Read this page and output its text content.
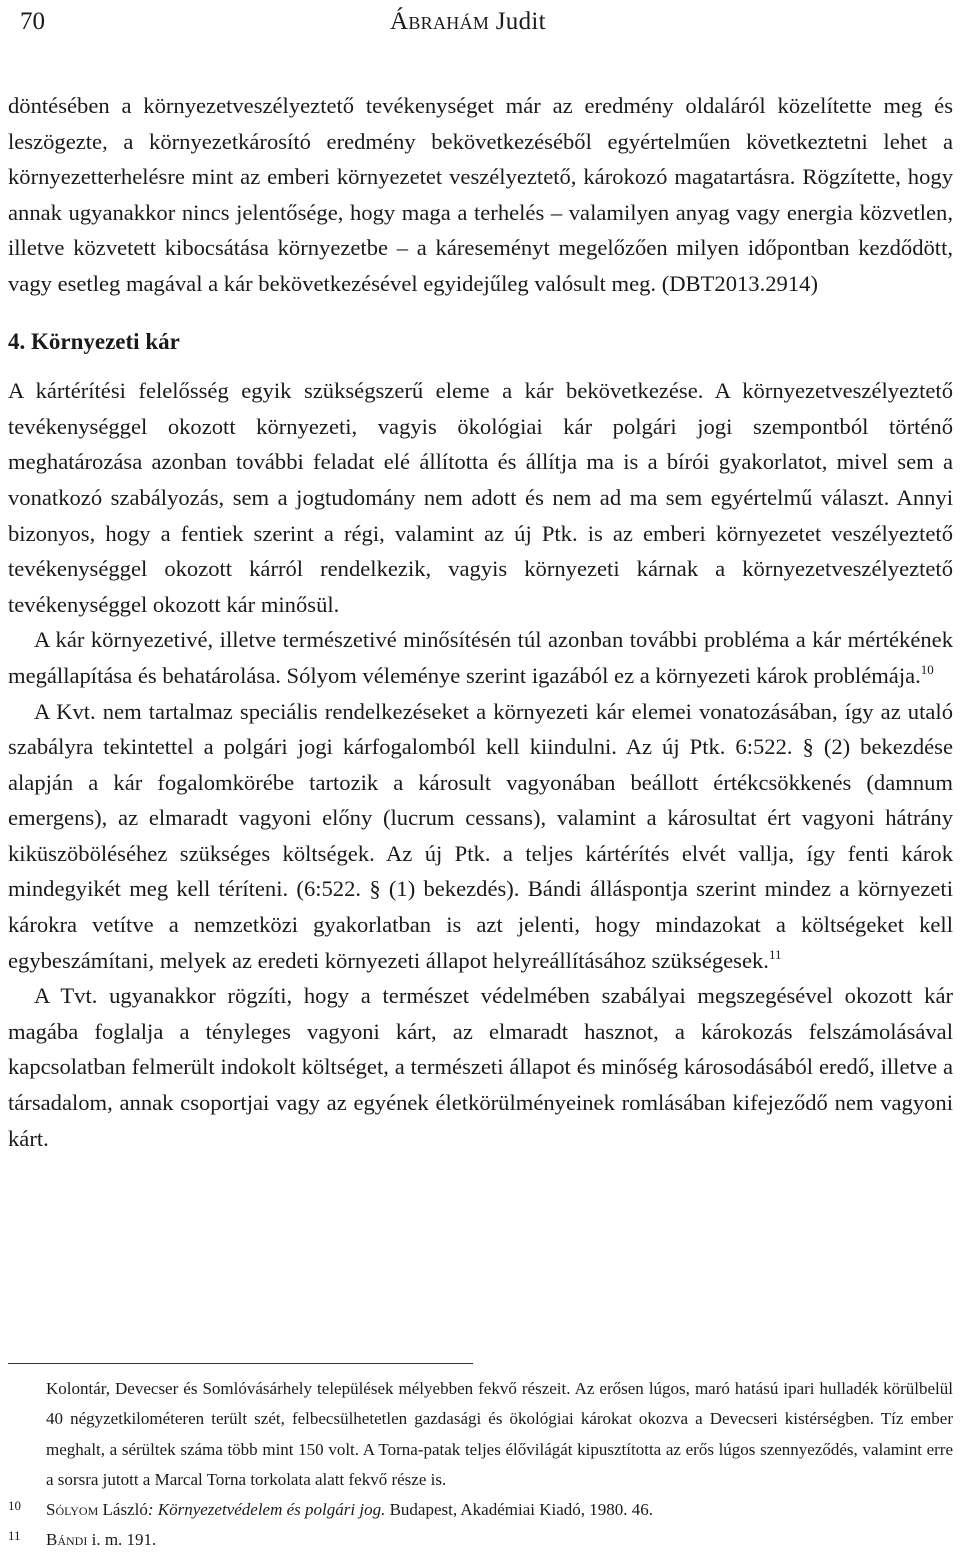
70	Ábrahám Judit

döntésében a környezetveszélyeztető tevékenységet már az eredmény oldaláról közelítette meg és leszögezte, a környezetkárosító eredmény bekövetkezéséből egyértelműen következtetni lehet a környezetterhelésre mint az emberi környezetet veszélyeztető, károkozó magatartásra. Rögzítette, hogy annak ugyanakkor nincs jelentősége, hogy maga a terhelés – valamilyen anyag vagy energia közvetlen, illetve közvetett kibocsátása környezetbe – a káreseményt megelőzően milyen időpontban kezdődött, vagy esetleg magával a kár bekövetkezésével egyidejűleg valósult meg. (DBT2013.2914)

4. Környezeti kár

A kártérítési felelősség egyik szükségszerű eleme a kár bekövetkezése. A környezetveszélyeztető tevékenységgel okozott környezeti, vagyis ökológiai kár polgári jogi szempontból történő meghatározása azonban további feladat elé állította és állítja ma is a bírói gyakorlatot, mivel sem a vonatkozó szabályozás, sem a jogtudomány nem adott és nem ad ma sem egyértelmű választ. Annyi bizonyos, hogy a fentiek szerint a régi, valamint az új Ptk. is az emberi környezetet veszélyeztető tevékenységgel okozott kárról rendelkezik, vagyis környezeti kárnak a környezetveszélyeztető tevékenységgel okozott kár minősül.

A kár környezetivé, illetve természetivé minősítésén túl azonban további probléma a kár mértékének megállapítása és behatárolása. Sólyom véleménye szerint igazából ez a környezeti károk problémája.$^{10}$

A Kvt. nem tartalmaz speciális rendelkezéseket a környezeti kár elemei vonatozásában, így az utaló szabályra tekintettel a polgári jogi kárfogalomból kell kiindulni. Az új Ptk. 6:522. § (2) bekezdése alapján a kár fogalomkörébe tartozik a károsult vagyonában beállott értékcsökkenés (damnum emergens), az elmaradt vagyoni előny (lucrum cessans), valamint a károsultat ért vagyoni hátrány kiküszöböléséhez szükséges költségek. Az új Ptk. a teljes kártérítés elvét vallja, így fenti károk mindegyikét meg kell téríteni. (6:522. § (1) bekezdés). Bándi álláspontja szerint mindez a környezeti károkra vetítve a nemzetközi gyakorlatban is azt jelenti, hogy mindazokat a költségeket kell egybeszámítani, melyek az eredeti környezeti állapot helyreállításához szükségesek.$^{11}$

A Tvt. ugyanakkor rögzíti, hogy a természet védelmében szabályai megszegésével okozott kár magába foglalja a tényleges vagyoni kárt, az elmaradt hasznot, a károkozás felszámolásával kapcsolatban felmerült indokolt költséget, a természeti állapot és minőség károsodásából eredő, illetve a társadalom, annak csoportjai vagy az egyének életkörülményeinek romlásában kifejeződő nem vagyoni kárt.

Kolontár, Devecser és Somlóvásárhely települések mélyebben fekvő részeit. Az erősen lúgos, maró hatású ipari hulladék körülbelül 40 négyzetkilométeren terült szét, felbecsülhetetlen gazdasági és ökológiai károkat okozva a Devecseri kistérségben. Tíz ember meghalt, a sérültek száma több mint 150 volt. A Torna-patak teljes élővilágát kipusztította az erős lúgos szennyeződés, valamint erre a sorsra jutott a Marcal Torna torkolata alatt fekvő része is.

10 Sólyom László: Környezetvédelem és polgári jog. Budapest, Akadémiai Kiadó, 1980. 46.

11 Bándi i. m. 191.
